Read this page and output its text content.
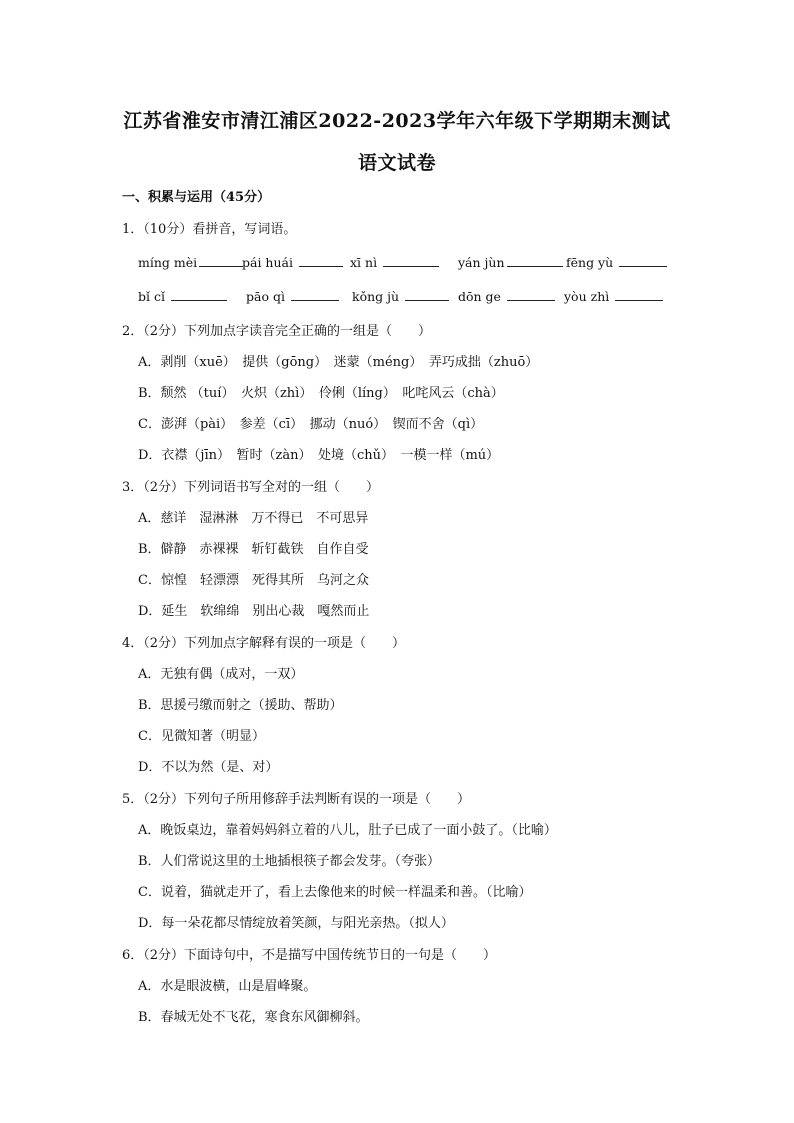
江苏省淮安市清江浦区2022-2023学年六年级下学期期末测试
语文试卷
一、积累与运用（45分）
1．（10分）看拼音，写词语。
míng mèi	pái huái	xī nì	yán jùn	fēng yù
bǐ cǐ	pāo qì	kǒng jù	dōn ge	yòu zhì
2．（2分）下列加点字读音完全正确的一组是（　　）
A．剥削（xuē）　提供（gōng）　迷蒙（méng）　弄巧成拙（zhuō）
B．颓然 （tuí）　火炽（zhì）　伶俐（líng）　叱咤风云（chà）
C．澎湃（pài）　参差（cī）　挪动（nuó）　锲而不舍（qì）
D．衣襟（jīn）　暂时（zàn）　处境（chǔ）　一模一样（mú）
3．（2分）下列词语书写全对的一组（　　）
A．慈详　湿淋淋　万不得已　不可思异
B．僻静　赤裸裸　斩钉截铁　自作自受
C．惊惶　轻漂漂　死得其所　乌河之众
D．延生　软绵绵　别出心裁　嘎然而止
4．（2分）下列加点字解释有误的一项是（　　）
A．无独有偶（成对，一双）
B．思援弓缴而射之（援助、帮助）
C．见微知著（明显）
D．不以为然（是、对）
5．（2分）下列句子所用修辞手法判断有误的一项是（　　）
A．晚饭桌边，靠着妈妈斜立着的八儿，肚子已成了一面小鼓了。（比喻）
B．人们常说这里的土地插根筷子都会发芽。（夸张）
C．说着，猫就走开了，看上去像他来的时候一样温柔和善。（比喻）
D．每一朵花都尽情绽放着笑颜，与阳光亲热。（拟人）
6．（2分）下面诗句中，不是描写中国传统节日的一句是（　　）
A．水是眼波横，山是眉峰聚。
B．春城无处不飞花，寒食东风御柳斜。
